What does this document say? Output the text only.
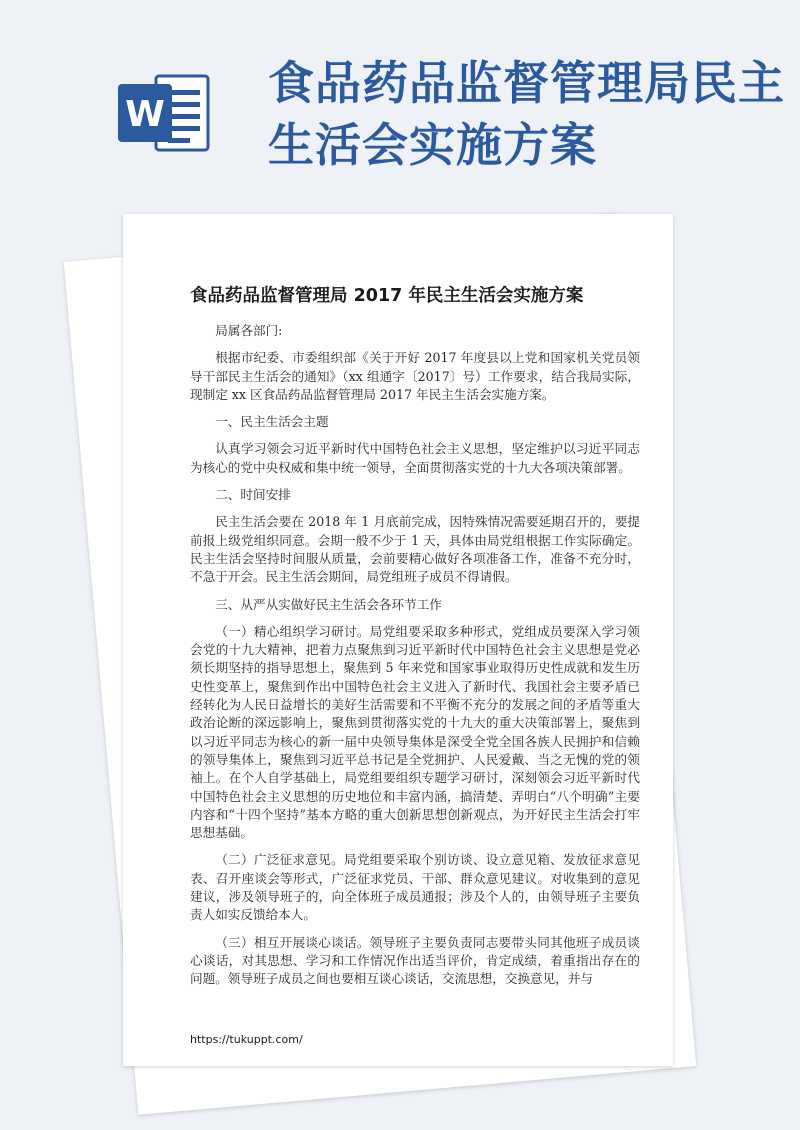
W
食品药品监督管理局民主生活会实施方案
食品药品监督管理局 2017 年民主生活会实施方案

局属各部门:

根据市纪委、市委组织部《关于开好 2017 年度县以上党和国家机关党员领导干部民主生活会的通知》（xx 组通字〔2017〕号）工作要求，结合我局实际，现制定 xx 区食品药品监督管理局 2017 年民主生活会实施方案。

一、民主生活会主题

认真学习领会习近平新时代中国特色社会主义思想，坚定维护以习近平同志为核心的党中央权威和集中统一领导，全面贯彻落实党的十九大各项决策部署。

二、时间安排

民主生活会要在 2018 年 1 月底前完成，因特殊情况需要延期召开的，要提前报上级党组织同意。会期一般不少于 1 天，具体由局党组根据工作实际确定。民主生活会坚持时间服从质量，会前要精心做好各项准备工作，准备不充分时，不急于开会。民主生活会期间，局党组班子成员不得请假。

三、从严从实做好民主生活会各环节工作

（一）精心组织学习研讨。局党组要采取多种形式，党组成员要深入学习领会党的十九大精神，把着力点聚焦到习近平新时代中国特色社会主义思想是党必须长期坚持的指导思想上，聚焦到 5 年来党和国家事业取得历史性成就和发生历史性变革上，聚焦到作出中国特色社会主义进入了新时代、我国社会主要矛盾已经转化为人民日益增长的美好生活需要和不平衡不充分的发展之间的矛盾等重大政治论断的深远影响上，聚焦到贯彻落实党的十九大的重大决策部署上，聚焦到以习近平同志为核心的新一届中央领导集体是深受全党全国各族人民拥护和信赖的领导集体上，聚焦到习近平总书记是全党拥护、人民爱戴、当之无愧的党的领袖上。在个人自学基础上，局党组要组织专题学习研讨，深刻领会习近平新时代中国特色社会主义思想的历史地位和丰富内涵，搞清楚、弄明白“八个明确”主要内容和“十四个坚持”基本方略的重大创新思想创新观点，为开好民主生活会打牢思想基础。

（二）广泛征求意见。局党组要采取个别访谈、设立意见箱、发放征求意见表、召开座谈会等形式，广泛征求党员、干部、群众意见建议。对收集到的意见建议，涉及领导班子的，向全体班子成员通报；涉及个人的，由领导班子主要负责人如实反馈给本人。

（三）相互开展谈心谈话。领导班子主要负责同志要带头同其他班子成员谈心谈话，对其思想、学习和工作情况作出适当评价，肯定成绩，着重指出存在的问题。领导班子成员之间也要相互谈心谈话，交流思想，交换意见，并与

https://tukuppt.com/
